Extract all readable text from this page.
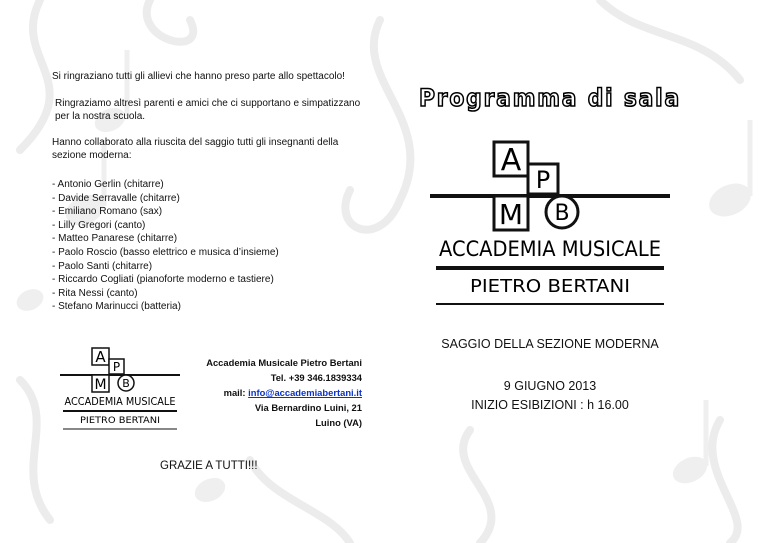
Si ringraziano tutti gli allievi che hanno preso parte allo spettacolo!
Ringraziamo altresì parenti e amici che ci supportano e simpatizzano per la nostra scuola.
Hanno collaborato alla riuscita del saggio tutti gli insegnanti della sezione moderna:
- Antonio Gerlin (chitarre)
- Davide Serravalle (chitarre)
- Emiliano Romano (sax)
- Lilly Gregori (canto)
- Matteo Panarese (chitarre)
- Paolo Roscio (basso elettrico e musica d’insieme)
- Paolo Santi (chitarre)
- Riccardo Cogliati (pianoforte moderno e tastiere)
- Rita Nessi (canto)
- Stefano Marinucci (batteria)
A
P
M B
ACCADEMIA MUSICALE
PIETRO BERTANI
Accademia Musicale Pietro Bertani
Tel. +39 346.1839334
mail: info@accademiabertani.it
Via Bernardino Luini, 21
Luino (VA)
GRAZIE A TUTTI!!!
Programma di sala
A
P
M B
ACCADEMIA MUSICALE
PIETRO BERTANI
SAGGIO DELLA SEZIONE MODERNA
9 GIUGNO 2013
INIZIO ESIBIZIONI : h 16.00
